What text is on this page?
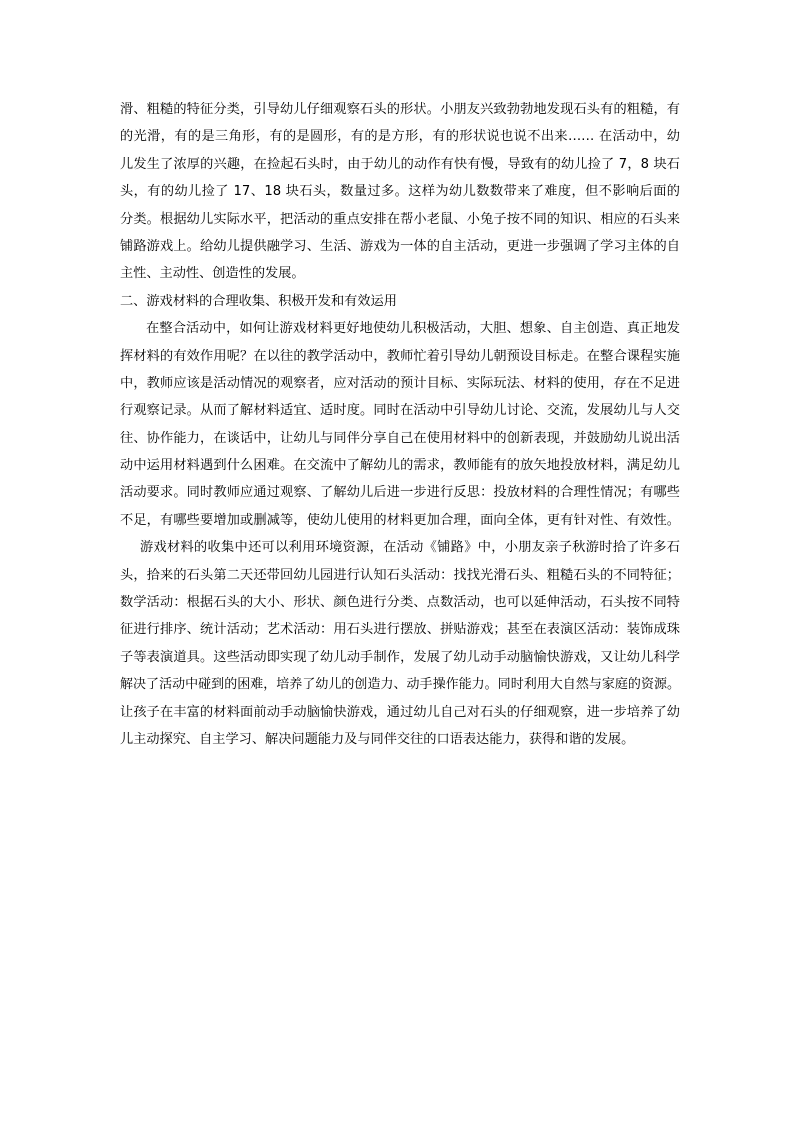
滑、粗糙的特征分类，引导幼儿仔细观察石头的形状。小朋友兴致勃勃地发现石头有的粗糙，有
的光滑，有的是三角形，有的是圆形，有的是方形，有的形状说也说不出来…… 在活动中，幼
儿发生了浓厚的兴趣，在捡起石头时，由于幼儿的动作有快有慢，导致有的幼儿捡了 7，8 块石
头，有的幼儿捡了 17、18 块石头，数量过多。这样为幼儿数数带来了难度，但不影响后面的
分类。根据幼儿实际水平，把活动的重点安排在帮小老鼠、小兔子按不同的知识、相应的石头来
铺路游戏上。给幼儿提供融学习、生活、游戏为一体的自主活动，更进一步强调了学习主体的自
主性、主动性、创造性的发展。
二、游戏材料的合理收集、积极开发和有效运用
在整合活动中，如何让游戏材料更好地使幼儿积极活动，大胆、想象、自主创造、真正地发
挥材料的有效作用呢？在以往的教学活动中，教师忙着引导幼儿朝预设目标走。在整合课程实施
中，教师应该是活动情况的观察者，应对活动的预计目标、实际玩法、材料的使用，存在不足进
行观察记录。从而了解材料适宜、适时度。同时在活动中引导幼儿讨论、交流，发展幼儿与人交
往、协作能力，在谈话中，让幼儿与同伴分享自己在使用材料中的创新表现，并鼓励幼儿说出活
动中运用材料遇到什么困难。在交流中了解幼儿的需求，教师能有的放矢地投放材料，满足幼儿
活动要求。同时教师应通过观察、了解幼儿后进一步进行反思：投放材料的合理性情况；有哪些
不足，有哪些要增加或删减等，使幼儿使用的材料更加合理，面向全体，更有针对性、有效性。
游戏材料的收集中还可以利用环境资源，在活动《铺路》中，小朋友亲子秋游时拾了许多石
头，拾来的石头第二天还带回幼儿园进行认知石头活动：找找光滑石头、粗糙石头的不同特征；
数学活动：根据石头的大小、形状、颜色进行分类、点数活动，也可以延伸活动，石头按不同特
征进行排序、统计活动；艺术活动：用石头进行摆放、拼贴游戏；甚至在表演区活动：装饰成珠
子等表演道具。这些活动即实现了幼儿动手制作，发展了幼儿动手动脑愉快游戏，又让幼儿科学
解决了活动中碰到的困难，培养了幼儿的创造力、动手操作能力。同时利用大自然与家庭的资源。
让孩子在丰富的材料面前动手动脑愉快游戏，通过幼儿自己对石头的仔细观察，进一步培养了幼
儿主动探究、自主学习、解决问题能力及与同伴交往的口语表达能力，获得和谐的发展。
